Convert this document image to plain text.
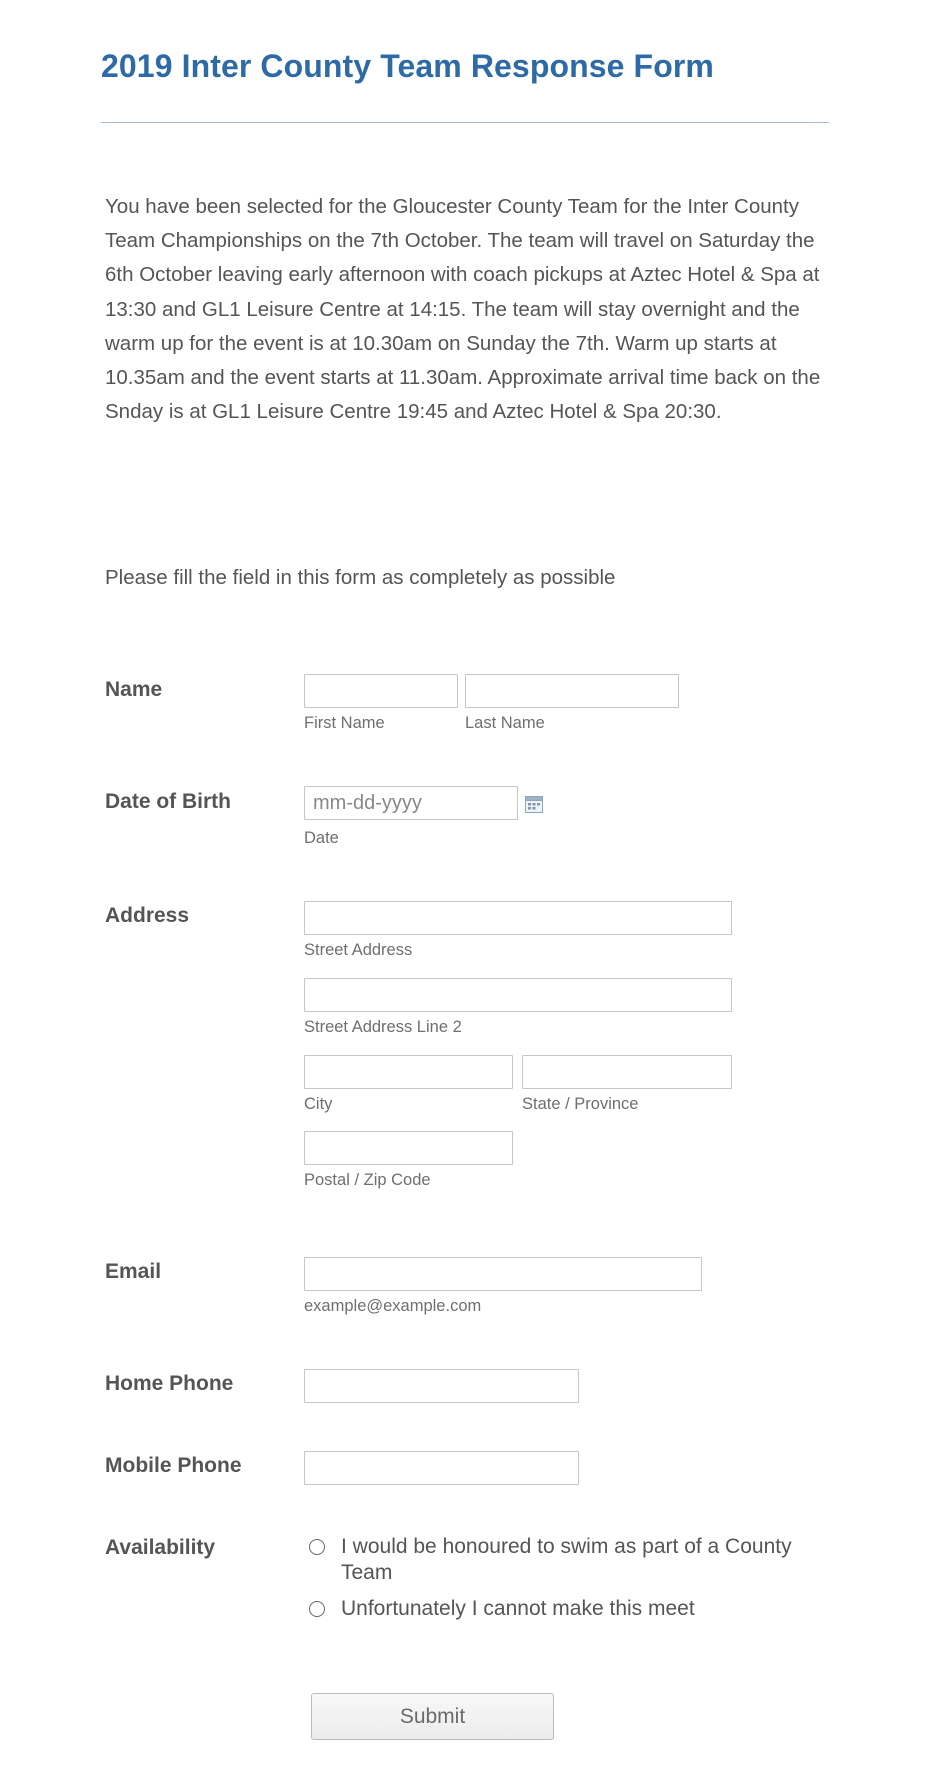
2019 Inter County Team Response Form

You have been selected for the Gloucester County Team for the Inter County Team Championships on the 7th October. The team will travel on Saturday the 6th October leaving early afternoon with coach pickups at Aztec Hotel & Spa at 13:30 and GL1 Leisure Centre at 14:15. The team will stay overnight and the warm up for the event is at 10.30am on Sunday the 7th. Warm up starts at 10.35am and the event starts at 11.30am. Approximate arrival time back on the Snday is at GL1 Leisure Centre 19:45 and Aztec Hotel & Spa 20:30.

Please fill the field in this form as completely as possible

Name
First Name	Last Name
Date of Birth
mm-dd-yyyy
Date
Address
Street Address
Street Address Line 2
City	State / Province
Postal / Zip Code
Email
example@example.com
Home Phone
Mobile Phone
Availability	I would be honoured to swim as part of a County Team
Unfortunately I cannot make this meet
Submit
